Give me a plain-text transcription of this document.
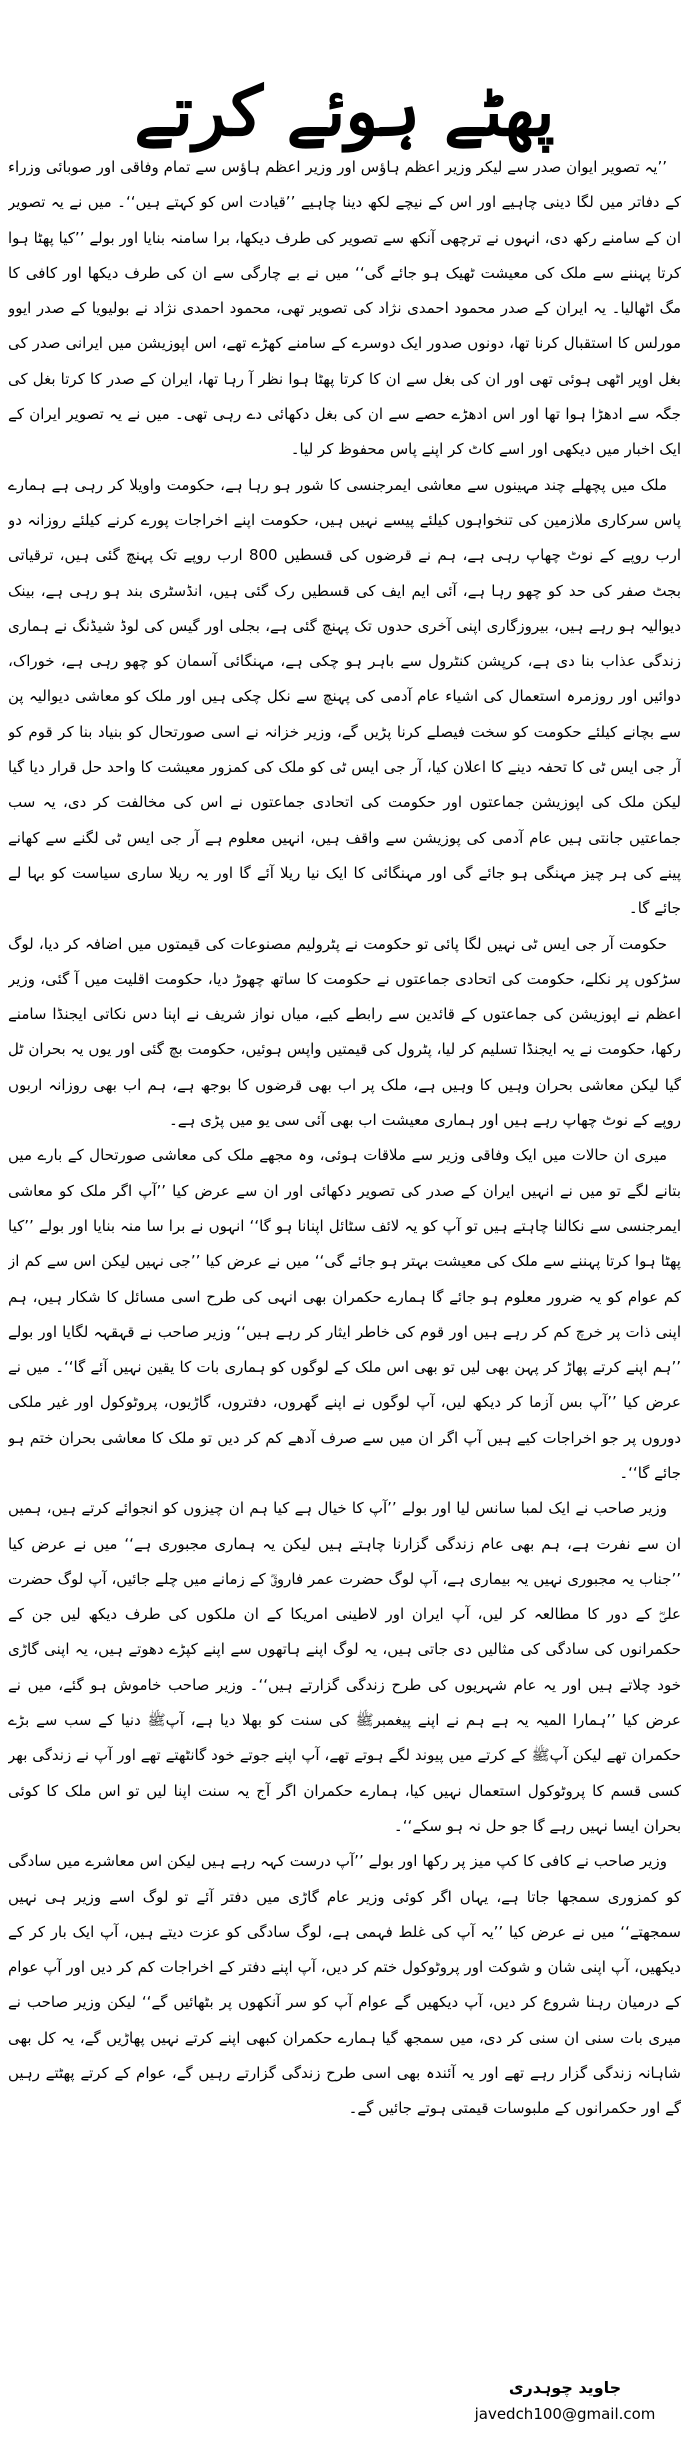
پھٹے ہوئے کرتے

’’یہ تصویر ایوان صدر سے لیکر وزیر اعظم ہاؤس اور وزیر اعظم ہاؤس سے تمام وفاقی اور صوبائی وزراء کے دفاتر میں لگا دینی چاہیے اور اس کے نیچے لکھ دینا چاہیے ’’قیادت اس کو کہتے ہیں‘‘۔ میں نے یہ تصویر ان کے سامنے رکھ دی، انہوں نے ترچھی آنکھ سے تصویر کی طرف دیکھا، برا سامنہ بنایا اور بولے ’’کیا پھٹا ہوا کرتا پہننے سے ملک کی معیشت ٹھیک ہو جائے گی‘‘ میں نے بے چارگی سے ان کی طرف دیکھا اور کافی کا مگ اٹھالیا۔ یہ ایران کے صدر محمود احمدی نژاد کی تصویر تھی، محمود احمدی نژاد نے بولیویا کے صدر ایوو مورلس کا استقبال کرنا تھا، دونوں صدور ایک دوسرے کے سامنے کھڑے تھے، اس اپوزیشن میں ایرانی صدر کی بغل اوپر اٹھی ہوئی تھی اور ان کی بغل سے ان کا کرتا پھٹا ہوا نظر آ رہا تھا، ایران کے صدر کا کرتا بغل کی جگہ سے ادھڑا ہوا تھا اور اس ادھڑے حصے سے ان کی بغل دکھائی دے رہی تھی۔ میں نے یہ تصویر ایران کے ایک اخبار میں دیکھی اور اسے کاٹ کر اپنے پاس محفوظ کر لیا۔

ملک میں پچھلے چند مہینوں سے معاشی ایمرجنسی کا شور ہو رہا ہے، حکومت واویلا کر رہی ہے ہمارے پاس سرکاری ملازمین کی تنخواہوں کیلئے پیسے نہیں ہیں، حکومت اپنے اخراجات پورے کرنے کیلئے روزانہ دو ارب روپے کے نوٹ چھاپ رہی ہے، ہم نے قرضوں کی قسطیں 800 ارب روپے تک پہنچ گئی ہیں، ترقیاتی بجٹ صفر کی حد کو چھو رہا ہے، آئی ایم ایف کی قسطیں رک گئی ہیں، انڈسٹری بند ہو رہی ہے، بینک دیوالیہ ہو رہے ہیں، بیروزگاری اپنی آخری حدوں تک پہنچ گئی ہے، بجلی اور گیس کی لوڈ شیڈنگ نے ہماری زندگی عذاب بنا دی ہے، کرپشن کنٹرول سے باہر ہو چکی ہے، مہنگائی آسمان کو چھو رہی ہے، خوراک، دوائیں اور روزمرہ استعمال کی اشیاء عام آدمی کی پہنچ سے نکل چکی ہیں اور ملک کو معاشی دیوالیہ پن سے بچانے کیلئے حکومت کو سخت فیصلے کرنا پڑیں گے، وزیر خزانہ نے اسی صورتحال کو بنیاد بنا کر قوم کو آر جی ایس ٹی کا تحفہ دینے کا اعلان کیا، آر جی ایس ٹی کو ملک کی کمزور معیشت کا واحد حل قرار دیا گیا لیکن ملک کی اپوزیشن جماعتوں اور حکومت کی اتحادی جماعتوں نے اس کی مخالفت کر دی، یہ سب جماعتیں جانتی ہیں عام آدمی کی پوزیشن سے واقف ہیں، انہیں معلوم ہے آر جی ایس ٹی لگنے سے کھانے پینے کی ہر چیز مہنگی ہو جائے گی اور مہنگائی کا ایک نیا ریلا آئے گا اور یہ ریلا ساری سیاست کو بہا لے جائے گا۔

حکومت آر جی ایس ٹی نہیں لگا پائی تو حکومت نے پٹرولیم مصنوعات کی قیمتوں میں اضافہ کر دیا، لوگ سڑکوں پر نکلے، حکومت کی اتحادی جماعتوں نے حکومت کا ساتھ چھوڑ دیا، حکومت اقلیت میں آ گئی، وزیر اعظم نے اپوزیشن کی جماعتوں کے قائدین سے رابطے کیے، میاں نواز شریف نے اپنا دس نکاتی ایجنڈا سامنے رکھا، حکومت نے یہ ایجنڈا تسلیم کر لیا، پٹرول کی قیمتیں واپس ہوئیں، حکومت بچ گئی اور یوں یہ بحران ٹل گیا لیکن معاشی بحران وہیں کا وہیں ہے، ملک پر اب بھی قرضوں کا بوجھ ہے، ہم اب بھی روزانہ اربوں روپے کے نوٹ چھاپ رہے ہیں اور ہماری معیشت اب بھی آئی سی یو میں پڑی ہے۔

میری ان حالات میں ایک وفاقی وزیر سے ملاقات ہوئی، وہ مجھے ملک کی معاشی صورتحال کے بارے میں بتانے لگے تو میں نے انہیں ایران کے صدر کی تصویر دکھائی اور ان سے عرض کیا ’’آپ اگر ملک کو معاشی ایمرجنسی سے نکالنا چاہتے ہیں تو آپ کو یہ لائف سٹائل اپنانا ہو گا‘‘ انہوں نے برا سا منہ بنایا اور بولے ’’کیا پھٹا ہوا کرتا پہننے سے ملک کی معیشت بہتر ہو جائے گی‘‘ میں نے عرض کیا ’’جی نہیں لیکن اس سے کم از کم عوام کو یہ ضرور معلوم ہو جائے گا ہمارے حکمران بھی انہی کی طرح اسی مسائل کا شکار ہیں، ہم اپنی ذات پر خرچ کم کر رہے ہیں اور قوم کی خاطر ایثار کر رہے ہیں‘‘ وزیر صاحب نے قہقہہ لگایا اور بولے ’’ہم اپنے کرتے پھاڑ کر پہن بھی لیں تو بھی اس ملک کے لوگوں کو ہماری بات کا یقین نہیں آئے گا‘‘۔ میں نے عرض کیا ’’آپ بس آزما کر دیکھ لیں، آپ لوگوں نے اپنے گھروں، دفتروں، گاڑیوں، پروٹوکول اور غیر ملکی دوروں پر جو اخراجات کیے ہیں آپ اگر ان میں سے صرف آدھے کم کر دیں تو ملک کا معاشی بحران ختم ہو جائے گا‘‘۔

وزیر صاحب نے ایک لمبا سانس لیا اور بولے ’’آپ کا خیال ہے کیا ہم ان چیزوں کو انجوائے کرتے ہیں، ہمیں ان سے نفرت ہے، ہم بھی عام زندگی گزارنا چاہتے ہیں لیکن یہ ہماری مجبوری ہے‘‘ میں نے عرض کیا ’’جناب یہ مجبوری نہیں یہ بیماری ہے، آپ لوگ حضرت عمر فاروقؓ کے زمانے میں چلے جائیں، آپ لوگ حضرت علیؓ کے دور کا مطالعہ کر لیں، آپ ایران اور لاطینی امریکا کے ان ملکوں کی طرف دیکھ لیں جن کے حکمرانوں کی سادگی کی مثالیں دی جاتی ہیں، یہ لوگ اپنے ہاتھوں سے اپنے کپڑے دھوتے ہیں، یہ اپنی گاڑی خود چلاتے ہیں اور یہ عام شہریوں کی طرح زندگی گزارتے ہیں‘‘۔ وزیر صاحب خاموش ہو گئے، میں نے عرض کیا ’’ہمارا المیہ یہ ہے ہم نے اپنے پیغمبرﷺ کی سنت کو بھلا دیا ہے، آپﷺ دنیا کے سب سے بڑے حکمران تھے لیکن آپﷺ کے کرتے میں پیوند لگے ہوتے تھے، آپ اپنے جوتے خود گانٹھتے تھے اور آپ نے زندگی بھر کسی قسم کا پروٹوکول استعمال نہیں کیا، ہمارے حکمران اگر آج یہ سنت اپنا لیں تو اس ملک کا کوئی بحران ایسا نہیں رہے گا جو حل نہ ہو سکے‘‘۔

وزیر صاحب نے کافی کا کپ میز پر رکھا اور بولے ’’آپ درست کہہ رہے ہیں لیکن اس معاشرے میں سادگی کو کمزوری سمجھا جاتا ہے، یہاں اگر کوئی وزیر عام گاڑی میں دفتر آئے تو لوگ اسے وزیر ہی نہیں سمجھتے‘‘ میں نے عرض کیا ’’یہ آپ کی غلط فہمی ہے، لوگ سادگی کو عزت دیتے ہیں، آپ ایک بار کر کے دیکھیں، آپ اپنی شان و شوکت اور پروٹوکول ختم کر دیں، آپ اپنے دفتر کے اخراجات کم کر دیں اور آپ عوام کے درمیان رہنا شروع کر دیں، آپ دیکھیں گے عوام آپ کو سر آنکھوں پر بٹھائیں گے‘‘ لیکن وزیر صاحب نے میری بات سنی ان سنی کر دی، میں سمجھ گیا ہمارے حکمران کبھی اپنے کرتے نہیں پھاڑیں گے، یہ کل بھی شاہانہ زندگی گزار رہے تھے اور یہ آئندہ بھی اسی طرح زندگی گزارتے رہیں گے، عوام کے کرتے پھٹتے رہیں گے اور حکمرانوں کے ملبوسات قیمتی ہوتے جائیں گے۔

جاوید چوہدری
javedch100@gmail.com
